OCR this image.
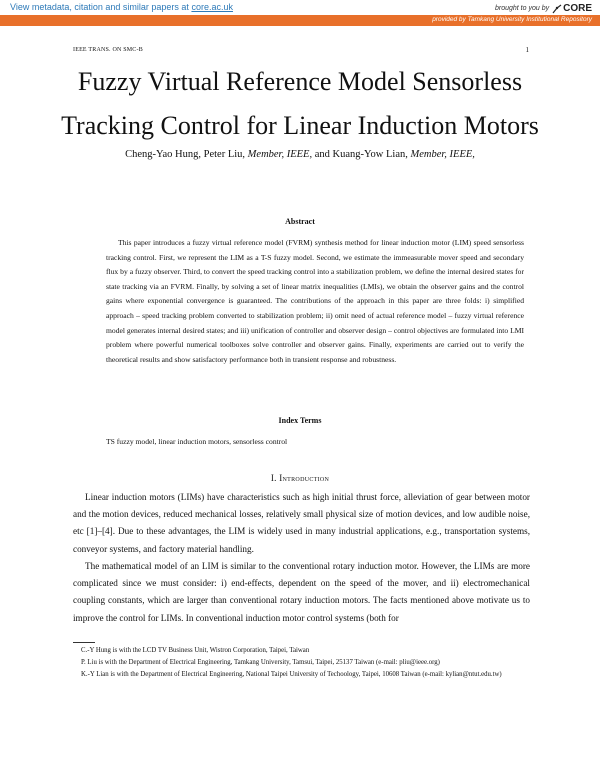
View metadata, citation and similar papers at core.ac.uk	brought to you by CORE
provided by Tamkang University Institutional Repository
IEEE TRANS. ON SMC-B	1
Fuzzy Virtual Reference Model Sensorless
Tracking Control for Linear Induction Motors
Cheng-Yao Hung, Peter Liu, Member, IEEE, and Kuang-Yow Lian, Member, IEEE,
Abstract

This paper introduces a fuzzy virtual reference model (FVRM) synthesis method for linear induction motor (LIM) speed sensorless tracking control. First, we represent the LIM as a T-S fuzzy model. Second, we estimate the immeasurable mover speed and secondary flux by a fuzzy observer. Third, to convert the speed tracking control into a stabilization problem, we define the internal desired states for state tracking via an FVRM. Finally, by solving a set of linear matrix inequalities (LMIs), we obtain the observer gains and the control gains where exponential convergence is guaranteed. The contributions of the approach in this paper are three folds: i) simplified approach – speed tracking problem converted to stabilization problem; ii) omit need of actual reference model – fuzzy virtual reference model generates internal desired states; and iii) unification of controller and observer design – control objectives are formulated into LMI problem where powerful numerical toolboxes solve controller and observer gains. Finally, experiments are carried out to verify the theoretical results and show satisfactory performance both in transient response and robustness.

Index Terms

TS fuzzy model, linear induction motors, sensorless control

I. Introduction

Linear induction motors (LIMs) have characteristics such as high initial thrust force, alleviation of gear between motor and the motion devices, reduced mechanical losses, relatively small physical size of motion devices, and low audible noise, etc [1]–[4]. Due to these advantages, the LIM is widely used in many industrial applications, e.g., transportation systems, conveyor systems, and factory material handling.

The mathematical model of an LIM is similar to the conventional rotary induction motor. However, the LIMs are more complicated since we must consider: i) end-effects, dependent on the speed of the mover, and ii) electromechanical coupling constants, which are larger than conventional rotary induction motors. The facts mentioned above motivate us to improve the control for LIMs. In conventional induction motor control systems (both for

C.-Y Hung is with the LCD TV Business Unit, Wistron Corporation, Taipei, Taiwan

P. Liu is with the Department of Electrical Engineering, Tamkang University, Tamsui, Taipei, 25137 Taiwan (e-mail: pliu@ieee.org)

K.-Y Lian is with the Department of Electrical Engineering, National Taipei University of Techoology, Taipei, 10608 Taiwan (e-mail: kylian@ntut.edu.tw)
